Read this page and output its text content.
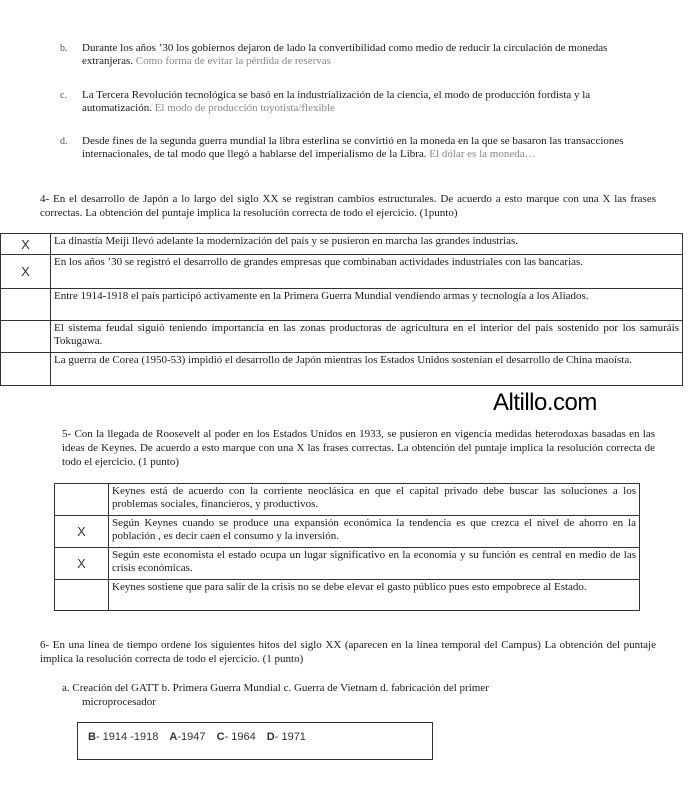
b. Durante los años ’30 los gobiernos dejaron de lado la convertibilidad como medio de reducir la circulación de monedas extranjeras. Como forma de evitar la pérdida de reservas
c. La Tercera Revolución tecnológica se basó en la industrialización de la ciencia, el modo de producción fordista y la automatización. El modo de producción toyotista/flexible
d. Desde fines de la segunda guerra mundial la libra esterlina se convirtió en la moneda en la que se basaron las transacciones internacionales, de tal modo que llegó a hablarse del imperialismo de la Libra. El dólar es la moneda…
4- En el desarrollo de Japón a lo largo del siglo XX se registran cambios estructurales. De acuerdo a esto marque con una X las frases correctas. La obtención del puntaje implica la resolución correcta de todo el ejercicio. (1punto)
X	La dinastía Meiji llevó adelante la modernización del país y se pusieron en marcha las grandes industrias.
X	En los años ’30 se registró el desarrollo de grandes empresas que combinaban actividades industriales con las bancarias.
	Entre 1914-1918 el país participó activamente en la Primera Guerra Mundial vendiendo armas y tecnología a los Aliados.
	El sistema feudal siguió teniendo importancia en las zonas productoras de agricultura en el interior del país sostenido por los samuráis Tokugawa.
	La guerra de Corea (1950-53) impidió el desarrollo de Japón mientras los Estados Unidos sostenían el desarrollo de China maoísta.
Altillo.com
5- Con la llegada de Roosevelt al poder en los Estados Unidos en 1933, se pusieron en vigencia medidas heterodoxas basadas en las ideas de Keynes. De acuerdo a esto marque con una X las frases correctas. La obtención del puntaje implica la resolución correcta de todo el ejercicio. (1 punto)
	Keynes está de acuerdo con la corriente neoclásica en que el capital privado debe buscar las soluciones a los problemas sociales, financieros, y productivos.
X	Según Keynes cuando se produce una expansión económica la tendencia es que crezca el nivel de ahorro en la población , es decir caen el consumo y la inversión.
X	Según este economista el estado ocupa un lugar significativo en la economía y su función es central en medio de las crisis económicas.
	Keynes sostiene que para salir de la crisis no se debe elevar el gasto público pues esto empobrece al Estado.
6- En una línea de tiempo ordene los siguientes hitos del siglo XX (aparecen en la línea temporal del Campus) La obtención del puntaje implica la resolución correcta de todo el ejercicio. (1 punto)
a. Creación del GATT b. Primera Guerra Mundial c. Guerra de Vietnam d. fabricación del primer
microprocesador
B- 1914 -1918 A-1947 C- 1964 D- 1971
